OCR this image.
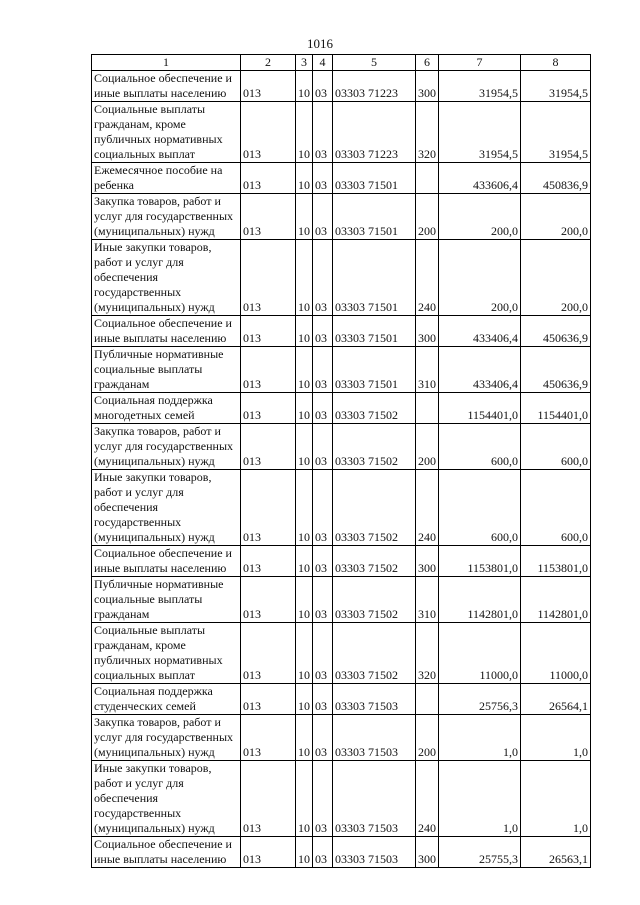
1016
1	2	3	4	5	6	7	8
Социальное обеспечение и иные выплаты населению	013	10	03	03303 71223	300	31954,5	31954,5
Социальные выплаты гражданам, кроме публичных нормативных социальных выплат	013	10	03	03303 71223	320	31954,5	31954,5
Ежемесячное пособие на ребенка	013	10	03	03303 71501		433606,4	450836,9
Закупка товаров, работ и услуг для государственных (муниципальных) нужд	013	10	03	03303 71501	200	200,0	200,0
Иные закупки товаров, работ и услуг для обеспечения государственных (муниципальных) нужд	013	10	03	03303 71501	240	200,0	200,0
Социальное обеспечение и иные выплаты населению	013	10	03	03303 71501	300	433406,4	450636,9
Публичные нормативные социальные выплаты гражданам	013	10	03	03303 71501	310	433406,4	450636,9
Социальная поддержка многодетных семей	013	10	03	03303 71502		1154401,0	1154401,0
Закупка товаров, работ и услуг для государственных (муниципальных) нужд	013	10	03	03303 71502	200	600,0	600,0
Иные закупки товаров, работ и услуг для обеспечения государственных (муниципальных) нужд	013	10	03	03303 71502	240	600,0	600,0
Социальное обеспечение и иные выплаты населению	013	10	03	03303 71502	300	1153801,0	1153801,0
Публичные нормативные социальные выплаты гражданам	013	10	03	03303 71502	310	1142801,0	1142801,0
Социальные выплаты гражданам, кроме публичных нормативных социальных выплат	013	10	03	03303 71502	320	11000,0	11000,0
Социальная поддержка студенческих семей	013	10	03	03303 71503		25756,3	26564,1
Закупка товаров, работ и услуг для государственных (муниципальных) нужд	013	10	03	03303 71503	200	1,0	1,0
Иные закупки товаров, работ и услуг для обеспечения государственных (муниципальных) нужд	013	10	03	03303 71503	240	1,0	1,0
Социальное обеспечение и иные выплаты населению	013	10	03	03303 71503	300	25755,3	26563,1
